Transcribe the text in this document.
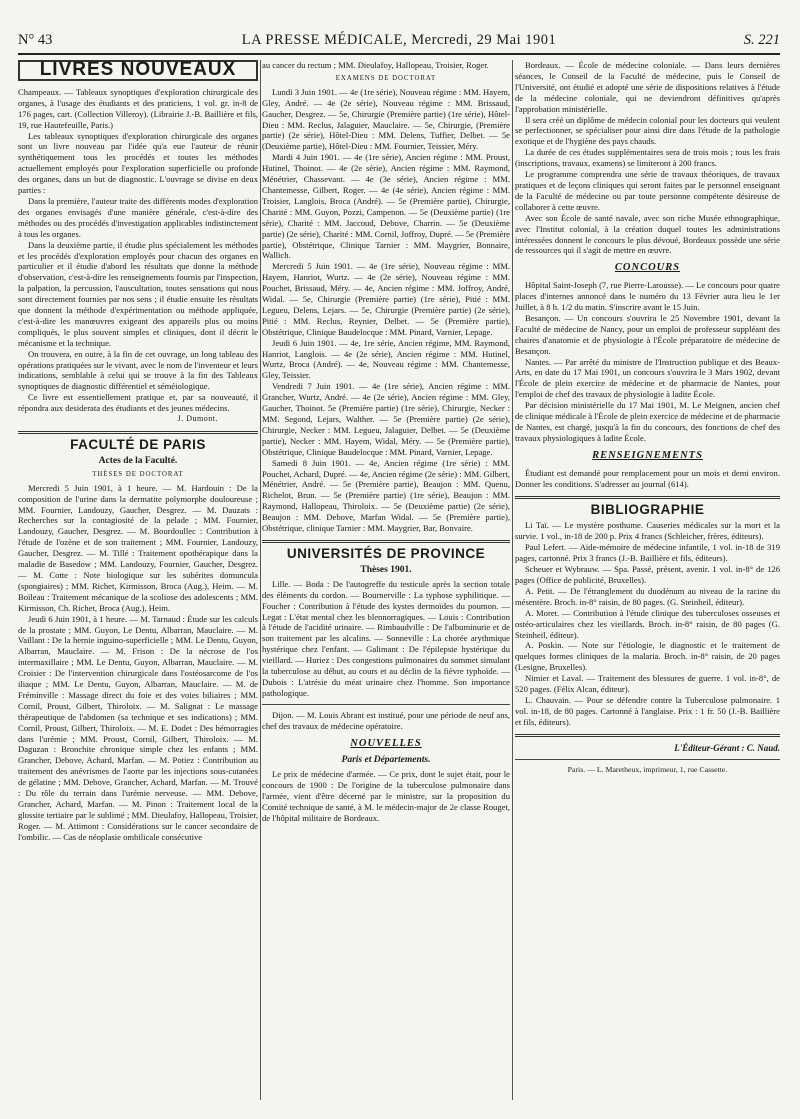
N° 43	LA PRESSE MÉDICALE, Mercredi, 29 Mai 1901	S. 221
LIVRES NOUVEAUX

Champeaux. — Tableaux synoptiques d'exploration chirurgicale des organes, à l'usage des étudiants et des praticiens, 1 vol. gr. in-8 de 176 pages, cart. (Collection Villeroy). (Librairie J.-B. Baillière et fils, 19, rue Hautefeuille, Paris.)

Les tableaux synoptiques d'exploration chirurgicale des organes sont un livre nouveau par l'idée qu'a eue l'auteur de réunir synthétiquement tous les procédés et toutes les méthodes actuellement employés pour l'exploration superficielle ou profonde des organes, dans un but de diagnostic. L'ouvrage se divise en deux parties :

Dans la première, l'auteur traite des différents modes d'exploration des organes envisagés d'une manière générale, c'est-à-dire des méthodes ou des procédés d'investigation applicables indistinctement à tous les organes.

Dans la deuxième partie, il étudie plus spécialement les méthodes et les procédés d'exploration employés pour chacun des organes en particulier et il étudie d'abord les résultats que donne la méthode d'observation, c'est-à-dire les renseignements fournis par l'inspection, la palpation, la percussion, l'auscultation, toutes sensations qui nous sont directement fournies par nos sens ; il étudie ensuite les résultats que donnent la méthode d'expérimentation ou méthode appliquée, c'est-à-dire les manœuvres exigeant des appareils plus ou moins compliqués, le plus souvent simples et cliniques, dont il décrit le mécanisme et la technique.

On trouvera, en outre, à la fin de cet ouvrage, un long tableau des opérations pratiquées sur le vivant, avec le nom de l'inventeur et leurs indications, semblable à celui qui se trouve à la fin des Tableaux synoptiques de diagnostic différentiel et séméiologique.

Ce livre est essentiellement pratique et, par sa nouveauté, il répondra aux desiderata des étudiants et des jeunes médecins.

J. Dumont.
FACULTÉ DE PARIS
Actes de la Faculté.
THÈSES DE DOCTORAT

Mercredi 5 Juin 1901, à 1 heure. — M. Hardouin : De la composition de l'urine dans la dermatite polymorphe douloureuse ; MM. Fournier, Landouzy, Gaucher, Desgrez. — M. Dauzats : Recherches sur la contagiosité de la pelade ; MM. Fournier, Landouzy, Gaucher, Desgrez. — M. Bourdoullec : Contribution à l'étude de l'ozène et de son traitement ; MM. Fournier, Landouzy, Gaucher, Desgrez. — M. Tillé : Traitement opothérapique dans la maladie de Basedow ; MM. Landouzy, Fournier, Gaucher, Desgrez. — M. Cotte : Note biologique sur les subérites domuncula (spongiaires) ; MM. Richet, Kirmisson, Broca (Aug.), Heim. — M. Boileau : Traitement mécanique de la scoliose des adolescents ; MM. Kirmisson, Ch. Richet, Broca (Aug.), Heim.

Jeudi 6 Juin 1901, à 1 heure. — M. Tarnaud : Étude sur les calculs de la prostate ; MM. Guyon, Le Dentu, Albarran, Mauclaire. — M. Vaillant : De la hernie inguino-superficielle ; MM. Le Dentu, Guyon, Albarran, Mauclaire. — M. Frison : De la nécrose de l'os intermaxillaire ; MM. Le Dentu, Guyon, Albarran, Mauclaire. — M. Croisier : De l'intervention chirurgicale dans l'ostéosarcome de l'os iliaque ; MM. Le Dentu, Guyon, Albarran, Mauclaire. — M. de Fréminville : Massage direct du foie et des voies biliaires ; MM. Cornil, Proust, Gilbert, Thiroloix. — M. Salignat : Le massage thérapeutique de l'abdomen (sa technique et ses indications) ; MM. Cornil, Proust, Gilbert, Thiroloix. — M. E. Dodet : Des hémorragies dans l'urémie ; MM. Proust, Cornil, Gilbert, Thiroloix. — M. Daguzan : Bronchite chronique simple chez les enfants ; MM. Grancher, Debove, Achard, Marfan. — M. Potiez : Contribution au traitement des anévrismes de l'aorte par les injections sous-cutanées de gélatine ; MM. Debove, Grancher, Achard, Marfan. — M. Trouvé : Du rôle du terrain dans l'urémie nerveuse. — MM. Debove, Grancher, Achard, Marfan. — M. Pinon : Traitement local de la glossite tertiaire par le sublimé ; MM. Dieulafoy, Hallopeau, Troisier, Roger. — M. Attimont : Considérations sur le cancer secondaire de l'ombilic. — Cas de néoplasie ombilicale consécutive

au cancer du rectum ; MM. Dieulafoy, Hallopeau, Troisier, Roger.

EXAMENS DE DOCTORAT

Lundi 3 Juin 1901. — 4e (1re série), Nouveau régime : MM. Hayem, Gley, André. — 4e (2e série), Nouveau régime : MM. Brissaud, Gaucher, Desgrez. — 5e, Chirurgie (Première partie) (1re série), Hôtel-Dieu : MM. Reclus, Jalaguier, Mauclaire. — 5e, Chirurgie, (Première partie) (2e série), Hôtel-Dieu : MM. Delens, Tuffier, Delbet. — 5e (Deuxième partie), Hôtel-Dieu : MM. Fournier, Teissier, Méry.

Mardi 4 Juin 1901. — 4e (1re série), Ancien régime : MM. Proust, Hutinel, Thoinot. — 4e (2e série), Ancien régime : MM. Raymond, Ménétrier, Chassevant. — 4e (3e série), Ancien régime : MM. Chantemesse, Gilbert, Roger. — 4e (4e série), Ancien régime : MM. Troisier, Langlois, Broca (André). — 5e (Première partie), Chirurgie, Charité : MM. Guyon, Pozzi, Campenon. — 5e (Deuxième partie) (1re série), Charité : MM. Jaccoud, Debove, Charrin. — 5e (Deuxième partie) (2e série), Charité : MM. Cornil, Joffroy, Dupré. — 5e (Première partie), Obstétrique, Clinique Tarnier : MM. Maygrier, Bonnaire, Wallich.

Mercredi 5 Juin 1901. — 4e (1re série), Nouveau régime : MM. Hayem, Hanriot, Wurtz. — 4e (2e série), Nouveau régime : MM. Pouchet, Brissaud, Méry. — 4e, Ancien régime : MM. Joffroy, André, Widal. — 5e, Chirurgie (Première partie) (1re série), Pitié : MM. Legueu, Delens, Lejars. — 5e, Chirurgie (Première partie) (2e série), Pitié : MM. Reclus, Reynier, Delbet. — 5e (Première partie), Obstétrique, Clinique Baudelocque : MM. Pinard, Varnier, Lepage.

Jeudi 6 Juin 1901. — 4e, 1re série, Ancien régime, MM. Raymond, Hanriot, Langlois. — 4e (2e série), Ancien régime : MM. Hutinel, Wurtz, Broca (André). — 4e, Nouveau régime : MM. Chantemesse, Gley, Teissier.

Vendredi 7 Juin 1901. — 4e (1re série), Ancien régime : MM. Grancher, Wurtz, André. — 4e (2e série), Ancien régime : MM. Gley, Gaucher, Thoinot. 5e (Première partie) (1re série), Chirurgie, Necker : MM. Segond, Lejars, Walther. — 5e (Première partie) (2e série), Chirurgie, Necker : MM. Legueu, Jalaguier, Delbet. — 5e (Deuxième partie), Necker : MM. Hayem, Widal, Méry. — 5e (Première partie), Obstétrique, Clinique Baudelocque : MM. Pinard, Varnier, Lepage.

Samedi 8 Juin 1901. — 4e, Ancien régime (1re série) : MM. Pouchet, Achard, Dupré. — 4e, Ancien régime (2e série) : MM. Gilbert, Ménétrier, André. — 5e (Première partie), Beaujon : MM. Quenu, Richelot, Brun. — 5e (Première partie) (1re série), Beaujon : MM. Raymond, Hallopeau, Thiroloix. — 5e (Deuxième partie) (2e série), Beaujon : MM. Debove, Marfan Widal. — 5e (Première partie), Obstétrique, clinique Tarnier : MM. Maygrier, Bar, Bonvaire.

UNIVERSITÉS DE PROVINCE
Thèses 1901.

Lille. — Boda : De l'autogreffe du testicule après la section totale des éléments du cordon. — Bournerville : La typhose syphilitique. — Foucher : Contribution à l'étude des kystes dermoïdes du poumon. — Legat : L'état mental chez les blennorragiques. — Louis : Contribution à l'étude de l'acidité urinaire. — Rimbaudville : De l'albuminurie et de son traitement par les alcalins. — Sonneville : La chorée arythmique hystérique chez l'enfant. — Galimant : De l'épilepsie hystérique du vieillard. — Huriez : Des congestions pulmonaires du sommet simulant la tuberculose au début, au cours et au déclin de la fièvre typhoïde. — Dubois : L'atrésie du méat urinaire chez l'homme. Son importance pathologique.

Dijon. — M. Louis Abrant est institué, pour une période de neuf ans, chef des travaux de médecine opératoire.

NOUVELLES
Paris et Départements.

Le prix de médecine d'armée. — Ce prix, dont le sujet était, pour le concours de 1900 : De l'origine de la tuberculose pulmonaire dans l'armée, vient d'être décerné par le ministre, sur la proposition du Comité technique de santé, à M. le médecin-major de 2e classe Rouget, de l'hôpital militaire de Bordeaux.

Bordeaux. — École de médecine coloniale. — Dans leurs dernières séances, le Conseil de la Faculté de médecine, puis le Conseil de l'Université, ont étudié et adopté une série de dispositions relatives à l'étude de la médecine coloniale, qui ne deviendront définitives qu'après l'approbation ministérielle.

Il sera créé un diplôme de médecin colonial pour les docteurs qui veulent se perfectionner, se spécialiser pour ainsi dire dans l'étude de la pathologie exotique et de l'hygiène des pays chauds.

La durée de ces études supplémentaires sera de trois mois ; tous les frais (inscriptions, travaux, examens) se limiteront à 200 francs.

Le programme comprendra une série de travaux théoriques, de travaux pratiques et de leçons cliniques qui seront faites par le personnel enseignant de la Faculté de médecine ou par toute personne compétente désireuse de collaborer à cette œuvre.

Avec son École de santé navale, avec son riche Musée ethnographique, avec l'Institut colonial, à la création duquel toutes les administrations intéressées donnent le concours le plus dévoué, Bordeaux possède une série de ressources qui il s'agit de mettre en œuvre.

CONCOURS

Hôpital Saint-Joseph (7, rue Pierre-Larousse). — Le concours pour quatre places d'internes annoncé dans le numéro du 13 Février aura lieu le 1er Juillet, à 8 h. 1/2 du matin. S'inscrire avant le 15 Juin.

Besançon. — Un concours s'ouvrira le 25 Novembre 1901, devant la Faculté de médecine de Nancy, pour un emploi de professeur suppléant des chaires d'anatomie et de physiologie à l'École préparatoire de médecine de Besançon.

Nantes. — Par arrêté du ministre de l'Instruction publique et des Beaux-Arts, en date du 17 Mai 1901, un concours s'ouvrira le 3 Mars 1902, devant l'École de plein exercice de médecine et de pharmacie de Nantes, pour l'emploi de chef des travaux de physiologie à ladite École.

Par décision ministérielle du 17 Mai 1901, M. Le Meignen, ancien chef de clinique médicale à l'École de plein exercice de médecine et de pharmacie de Nantes, est chargé, jusqu'à la fin du concours, des fonctions de chef des travaux physiologiques à ladite École.

RENSEIGNEMENTS

Étudiant est demandé pour remplacement pour un mois et demi environ. Donner les conditions. S'adresser au journal (614).

BIBLIOGRAPHIE

Li Taï. — Le mystère posthume. Causeries médicales sur la mort et la survie. 1 vol., in-18 de 200 p. Prix 4 francs (Schleicher, frères, éditeurs).

Paul Lefert. — Aide-mémoire de médecine infantile, 1 vol. in-18 de 319 pages, cartonné. Prix 3 francs (J.-B. Baillière et fils, éditeurs).

Scheuer et Wybrauw. — Spa. Passé, présent, avenir. 1 vol. in-8° de 126 pages (Office de publicité, Bruxelles).

A. Petit. — De l'étranglement du duodénum au niveau de la racine du mésentère. Broch. in-8° raisin, de 80 pages. (G. Steinheil, éditeur).

A. Moret. — Contribution à l'étude clinique des tuberculoses osseuses et ostéo-articulaires chez les vieillards. Broch. in-8° raisin, de 80 pages (G. Steinheil, éditeur).

A. Poskin. — Note sur l'étiologie, le diagnostic et le traitement de quelques formes cliniques de la malaria. Broch. in-8° raisin, de 20 pages (Lesigne, Bruxelles).

Nimier et Laval. — Traitement des blessures de guerre. 1 vol. in-8°, de 520 pages. (Félix Alcan, éditeur).

L. Chauvain. — Pour se défendre contre la Tuberculose pulmonaire. 1 vol. in-18, de 80 pages. Cartonné à l'anglaise. Prix : 1 fr. 50 (J.-B. Baillière et fils, éditeurs).

L'Éditeur-Gérant : C. Naud.
Paris. — L. Maretheux, imprimeur, 1, rue Cassette.
